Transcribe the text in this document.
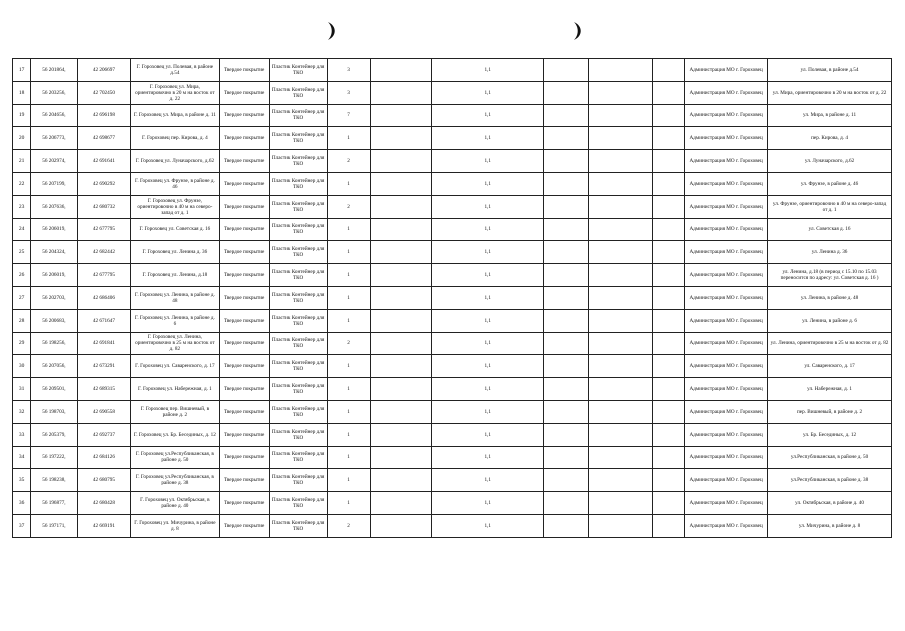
17	56 201864,	42 206697	Г. Гороховец ул. Полевая, в районе д.54	Твердое покрытие	Пластик Контейнер для ТКО	3		1,1				Администрация МО г. Гороховец	ул. Полевая, в районе д.54
18	56 203256,	42 702450	Г. Гороховец ул. Мира, ориентировочно в 20 м на восток от д. 22	Твердое покрытие	Пластик Контейнер для ТКО	3		1,1				Администрация МО г. Гороховец	ул. Мира, ориентировочно в 20 м на восток от д. 22
19	56 204656,	42 696198	Г. Гороховец ул. Мира, в районе д. 11	Твердое покрытие	Пластик Контейнер для ТКО	7		1,1				Администрация МО г. Гороховец	ул. Мира, в районе д. 11
20	56 206773,	42 698677	Г. Гороховец пер. Кирова, д. 4	Твердое покрытие	Пластик Контейнер для ТКО	1		1,1				Администрация МО г. Гороховец	пер. Кирова, д. 4
21	56 202974,	42 691641	Г. Гороховец ул. Луначарского, д.62	Твердое покрытие	Пластик Контейнер для ТКО	2		1,1				Администрация МО г. Гороховец	ул. Луначарского, д.62
22	56 207199,	42 690292	Г. Гороховец ул. Фрунзе, в районе д. 46	Твердое покрытие	Пластик Контейнер для ТКО	1		1,1				Администрация МО г. Гороховец	ул. Фрунзе, в районе д. 46
23	56 207636,	42 680732	Г. Гороховец ул. Фрунзе, ориентировочно в 40 м на северо-запад от д. 1	Твердое покрытие	Пластик Контейнер для ТКО	2		1,1				Администрация МО г. Гороховец	ул. Фрунзе, ориентировочно в 40 м на северо-запад от д. 1
24	56 206019,	42 677795	Г. Гороховец ул. Советская д. 16	Твердое покрытие	Пластик Контейнер для ТКО	1		1,1				Администрация МО г. Гороховец	ул. Советская д. 16
25	56 204324,	42 682442	Г. Гороховец ул. Ленина д. 36	Твердое покрытие	Пластик Контейнер для ТКО	1		1,1				Администрация МО г. Гороховец	ул. Ленина д. 36
26	56 206019,	42 677795	Г. Гороховец ул. Ленина, д.18	Твердое покрытие	Пластик Контейнер для ТКО	1		1,1				Администрация МО г. Гороховец	ул. Ленина, д.18 (в период с 15.10 по 15.03 переносится по адресу: ул. Советская д. 16 )
27	56 202703,	42 686406	Г. Гороховец ул. Ленина, в районе д. 48	Твердое покрытие	Пластик Контейнер для ТКО	1		1,1				Администрация МО г. Гороховец	ул. Ленина, в районе д. 48
28	56 200683,	42 671647	Г. Гороховец ул. Ленина, в районе д. 6	Твердое покрытие	Пластик Контейнер для ТКО	1		1,1				Администрация МО г. Гороховец	ул. Ленина, в районе д. 6
29	56 198256,	42 691841	Г. Гороховец ул. Ленина, ориентировочно в 25 м на восток от д. 82	Твердое покрытие	Пластик Контейнер для ТКО	2		1,1				Администрация МО г. Гороховец	ул. Ленина, ориентировочно в 25 м на восток от д. 82
30	56 207056,	42 673291	Г. Гороховец ул. Саваренского, д. 17	Твердое покрытие	Пластик Контейнер для ТКО	1		1,1				Администрация МО г. Гороховец	ул. Саваренского, д. 17
31	56 209501,	42 689315	Г. Гороховец ул. Набережная, д. 1	Твердое покрытие	Пластик Контейнер для ТКО	1		1,1				Администрация МО г. Гороховец	ул. Набережная, д. 1
32	56 198703,	42 690558	Г. Гороховец пер. Вишневый, в районе д. 2	Твердое покрытие	Пластик Контейнер для ТКО	1		1,1				Администрация МО г. Гороховец	пер. Вишневый, в районе д. 2
33	56 205379,	42 692737	Г. Гороховец ул. Бр. Бесединых, д. 12	Твердое покрытие	Пластик Контейнер для ТКО	1		1,1				Администрация МО г. Гороховец	ул. Бр. Бесединых, д. 12
34	56 197222,	42 684126	Г. Гороховец ул.Республиканская, в районе д. 50	Твердое покрытие	Пластик Контейнер для ТКО	1		1,1				Администрация МО г. Гороховец	ул.Республиканская, в районе д. 50
35	56 198238,	42 680795	Г. Гороховец ул.Республиканская, в районе д. 38	Твердое покрытие	Пластик Контейнер для ТКО	1		1,1				Администрация МО г. Гороховец	ул.Республиканская, в районе д. 38
36	56 196877,	42 680428	Г. Гороховец ул. Октябрьская, в районе д. 40	Твердое покрытие	Пластик Контейнер для ТКО	1		1,1				Администрация МО г. Гороховец	ул. Октябрьская, в районе д. 40
37	56 197171,	42 669191	Г. Гороховец ул. Мичурина, в районе д. 8	Твердое покрытие	Пластик Контейнер для ТКО	2		1,1				Администрация МО г. Гороховец	ул. Мичурина, в районе д. 8
